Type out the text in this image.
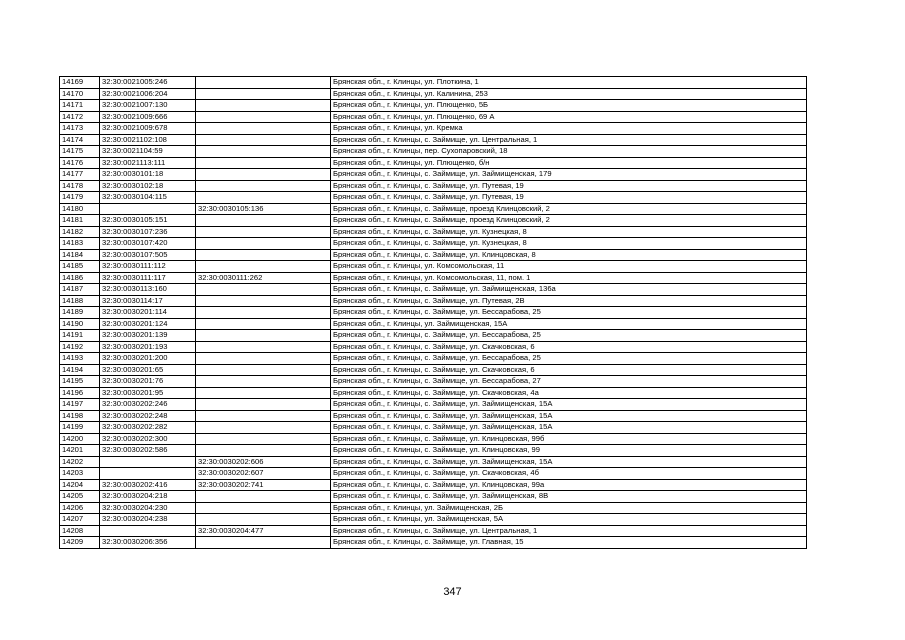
14169	32:30:0021005:246		Брянская обл., г. Клинцы, ул. Плоткина, 1
14170	32:30:0021006:204		Брянская обл., г. Клинцы, ул. Калинина, 253
14171	32:30:0021007:130		Брянская обл., г. Клинцы, ул. Плющенко, 5Б
14172	32:30:0021009:666		Брянская обл., г. Клинцы, ул. Плющенко, 69 А
14173	32:30:0021009:678		Брянская обл., г. Клинцы, ул. Кремка
14174	32:30:0021102:108		Брянская обл., г. Клинцы, с. Займище, ул. Центральная, 1
14175	32:30:0021104:59		Брянская обл., г. Клинцы, пер. Сухопаровский, 18
14176	32:30:0021113:111		Брянская обл., г. Клинцы, ул. Плющенко, б/н
14177	32:30:0030101:18		Брянская обл., г. Клинцы, с. Займище, ул. Займищенская, 179
14178	32:30:0030102:18		Брянская обл., г. Клинцы, с. Займище, ул. Путевая, 19
14179	32:30:0030104:115		Брянская обл., г. Клинцы, с. Займище, ул. Путевая, 19
14180		32:30:0030105:136	Брянская обл., г. Клинцы, с. Займище, проезд Клинцовский, 2
14181	32:30:0030105:151		Брянская обл., г. Клинцы, с. Займище, проезд Клинцовский, 2
14182	32:30:0030107:236		Брянская обл., г. Клинцы, с. Займище, ул. Кузнецкая, 8
14183	32:30:0030107:420		Брянская обл., г. Клинцы, с. Займище, ул. Кузнецкая, 8
14184	32:30:0030107:505		Брянская обл., г. Клинцы, с. Займище, ул. Клинцовская, 8
14185	32:30:0030111:112		Брянская обл., г. Клинцы, ул. Комсомольская, 11
14186	32:30:0030111:117	32:30:0030111:262	Брянская обл., г. Клинцы, ул. Комсомольская, 11, пом. 1
14187	32:30:0030113:160		Брянская обл., г. Клинцы, с. Займище, ул. Займищенская, 136а
14188	32:30:0030114:17		Брянская обл., г. Клинцы, с. Займище, ул. Путевая, 2В
14189	32:30:0030201:114		Брянская обл., г. Клинцы, с. Займище, ул. Бессарабова, 25
14190	32:30:0030201:124		Брянская обл., г. Клинцы, ул. Займищенская, 15А
14191	32:30:0030201:139		Брянская обл., г. Клинцы, с. Займище, ул. Бессарабова, 25
14192	32:30:0030201:193		Брянская обл., г. Клинцы, с. Займище, ул. Скачковская, 6
14193	32:30:0030201:200		Брянская обл., г. Клинцы, с. Займище, ул. Бессарабова, 25
14194	32:30:0030201:65		Брянская обл., г. Клинцы, с. Займище, ул. Скачковская, 6
14195	32:30:0030201:76		Брянская обл., г. Клинцы, с. Займище, ул. Бессарабова, 27
14196	32:30:0030201:95		Брянская обл., г. Клинцы, с. Займище, ул. Скачковская, 4а
14197	32:30:0030202:246		Брянская обл., г. Клинцы, с. Займище, ул. Займищенская, 15А
14198	32:30:0030202:248		Брянская обл., г. Клинцы, с. Займище, ул. Займищенская, 15А
14199	32:30:0030202:282		Брянская обл., г. Клинцы, с. Займище, ул. Займищенская, 15А
14200	32:30:0030202:300		Брянская обл., г. Клинцы, с. Займище, ул. Клинцовская, 99б
14201	32:30:0030202:586		Брянская обл., г. Клинцы, с. Займище, ул. Клинцовская, 99
14202		32:30:0030202:606	Брянская обл., г. Клинцы, с. Займище, ул. Займищенская, 15А
14203		32:30:0030202:607	Брянская обл., г. Клинцы, с. Займище, ул. Скачковская, 4б
14204	32:30:0030202:416	32:30:0030202:741	Брянская обл., г. Клинцы, с. Займище, ул. Клинцовская, 99а
14205	32:30:0030204:218		Брянская обл., г. Клинцы, с. Займище, ул. Займищенская, 8В
14206	32:30:0030204:230		Брянская обл., г. Клинцы, ул. Займищенская, 2Б
14207	32:30:0030204:238		Брянская обл., г. Клинцы, ул. Займищенская, 5А
14208		32:30:0030204:477	Брянская обл., г. Клинцы, с. Займище, ул. Центральная, 1
14209	32:30:0030206:356		Брянская обл., г. Клинцы, с. Займище, ул. Главная, 15
347
